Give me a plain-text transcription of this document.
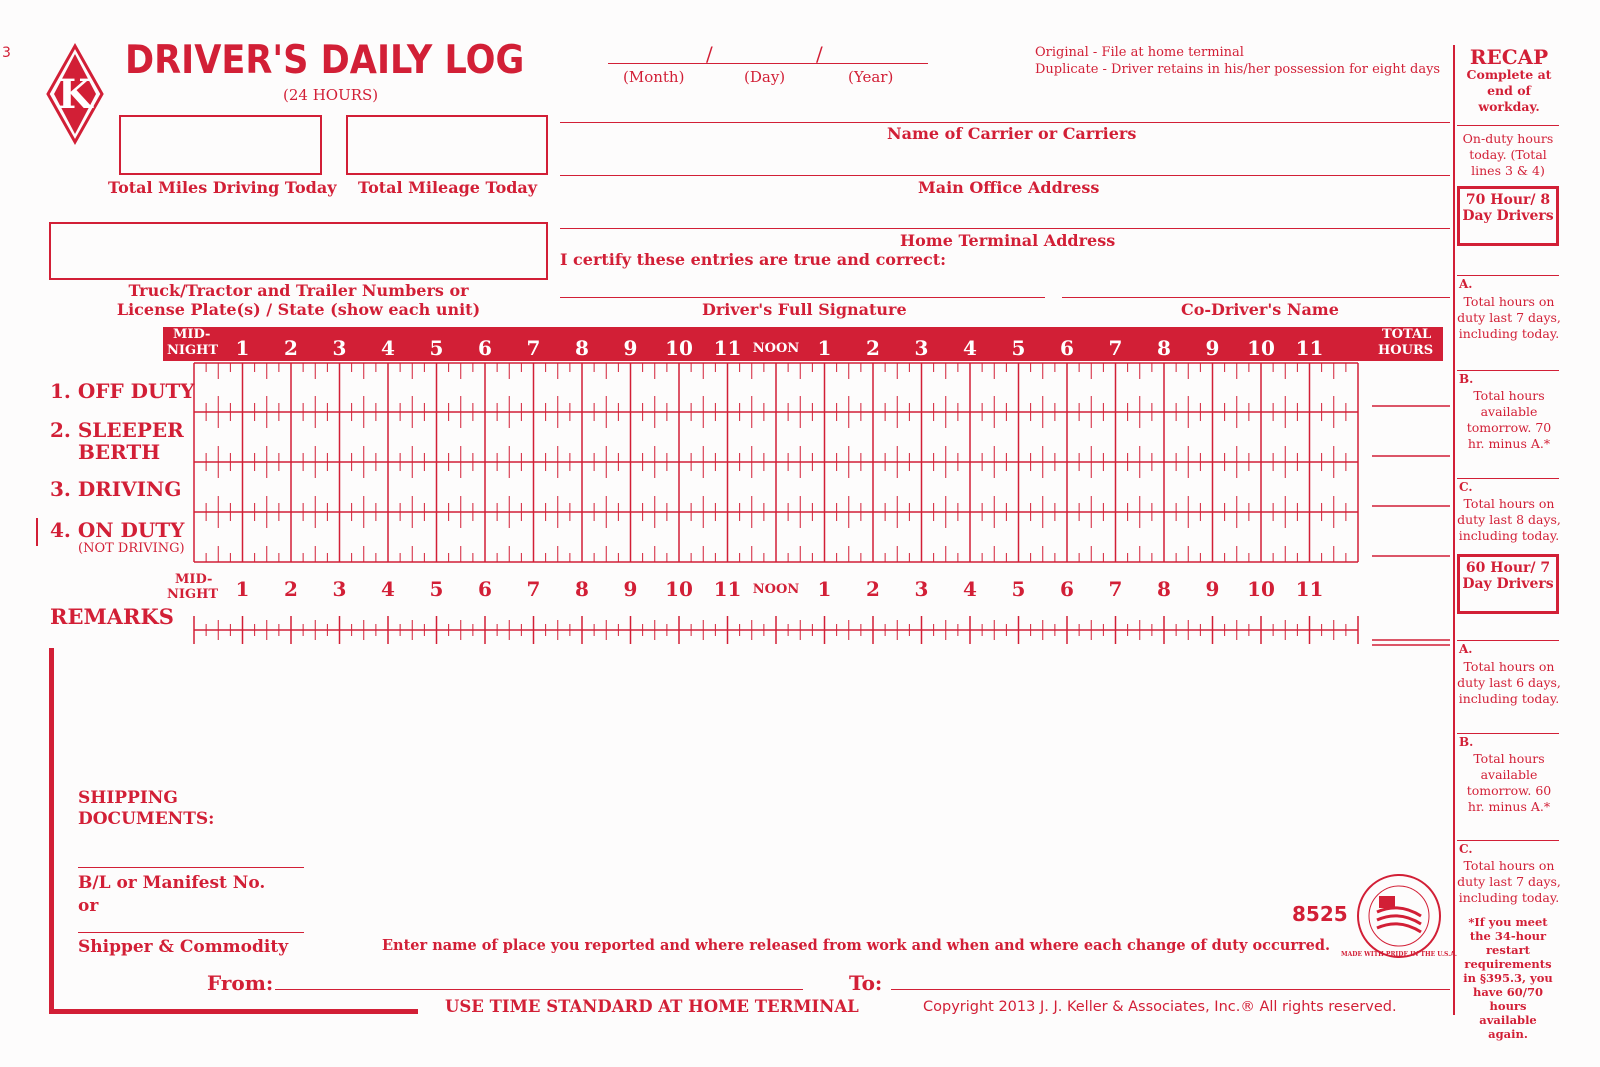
3
K
DRIVER'S DAILY LOG
(24 HOURS)
/	/
(Month)	(Day)	(Year)
Original - File at home terminal
Duplicate - Driver retains in his/her possession for eight days
Total Miles Driving Today Total Mileage Today
Name of Carrier or Carriers
Main Office Address
Home Terminal Address
I certify these entries are true and correct:
Truck/Tractor and Trailer Numbers or
License Plate(s) / State (show each unit)	Driver's Full Signature	Co-Driver's Name
MID-
NIGHT
TOTAL
HOURS
1 2 3 4 5 6 7 8 9 10 11 NOON 1 2 3 4 5 6 7 8 9 10 11
1. OFF DUTY
2. SLEEPER
BERTH
3. DRIVING
4. ON DUTY
(NOT DRIVING)
MID-
NIGHT 1 2 3 4 5 6 7 8 9 10 11 NOON 1 2 3 4 5 6 7 8 9 10 11
REMARKS
SHIPPING
DOCUMENTS:
B/L or Manifest No.
or
Shipper & Commodity	Enter name of place you reported and where released from work and when and where each change of duty occurred.
From:	To:
USE TIME STANDARD AT HOME TERMINAL	Copyright 2013 J. J. Keller & Associates, Inc.® All rights reserved.
8525
MADE WITH PRIDE IN THE U.S.A.
RECAP
Complete at end of workday.
On-duty hours today. (Total lines 3 & 4)
70 Hour/ 8 Day Drivers
A.
Total hours on duty last 7 days, including today.
B.
Total hours available tomorrow. 70 hr. minus A.*
C.
Total hours on duty last 8 days, including today.
60 Hour/ 7 Day Drivers
A.
Total hours on duty last 6 days, including today.
B.
Total hours available tomorrow. 60 hr. minus A.*
C.
Total hours on duty last 7 days, including today.
*If you meet the 34-hour restart requirements in §395.3, you have 60/70 hours available again.
